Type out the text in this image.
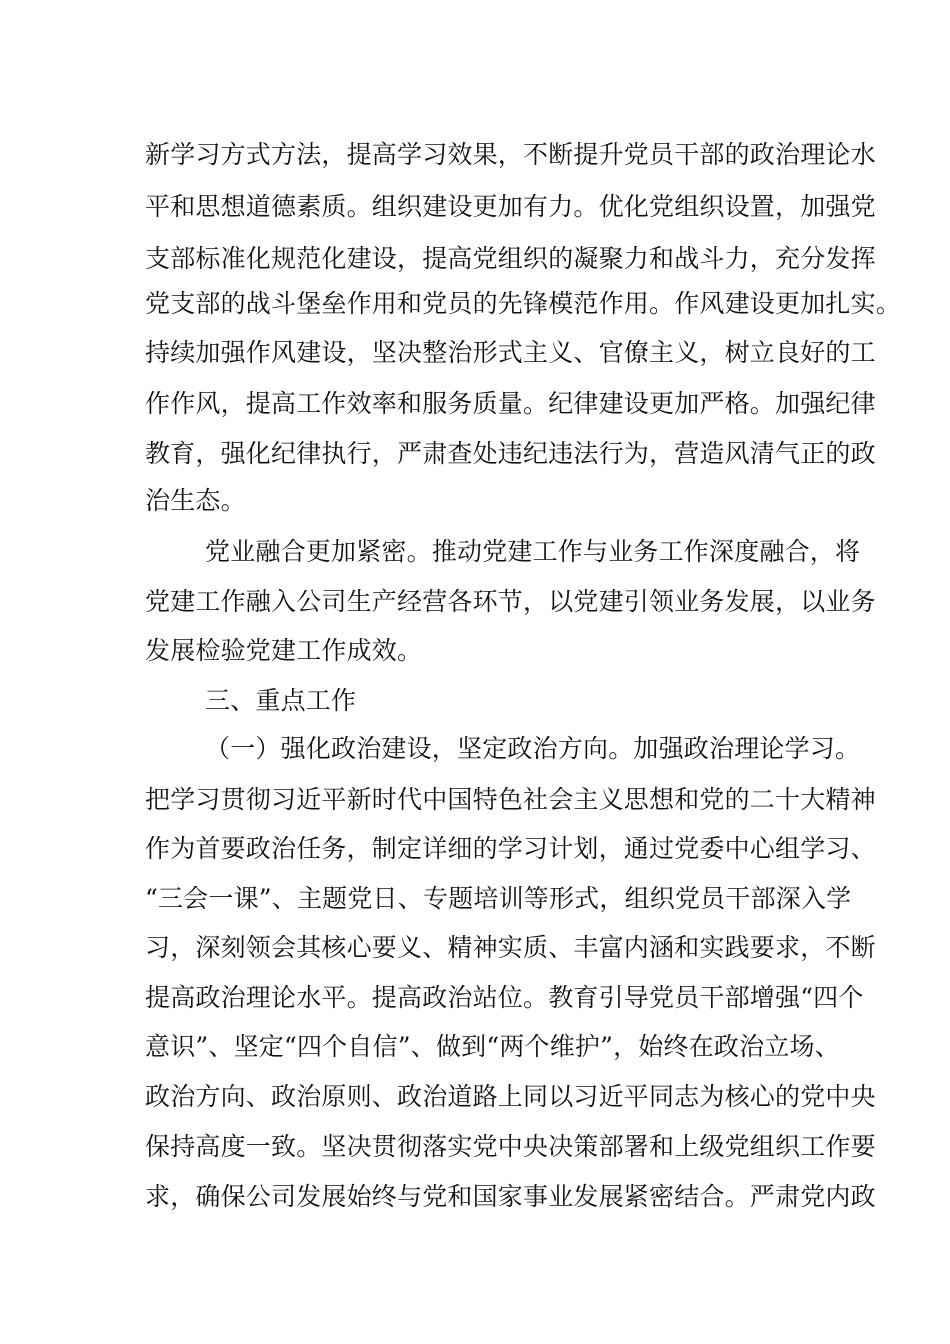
新学习方式方法，提高学习效果，不断提升党员干部的政治理论水
平和思想道德素质。组织建设更加有力。优化党组织设置，加强党
支部标准化规范化建设，提高党组织的凝聚力和战斗力，充分发挥
党支部的战斗堡垒作用和党员的先锋模范作用。作风建设更加扎实。
持续加强作风建设，坚决整治形式主义、官僚主义，树立良好的工
作作风，提高工作效率和服务质量。纪律建设更加严格。加强纪律
教育，强化纪律执行，严肃查处违纪违法行为，营造风清气正的政
治生态。
党业融合更加紧密。推动党建工作与业务工作深度融合，将
党建工作融入公司生产经营各环节，以党建引领业务发展，以业务
发展检验党建工作成效。
三、重点工作
（一）强化政治建设，坚定政治方向。加强政治理论学习。
把学习贯彻习近平新时代中国特色社会主义思想和党的二十大精神
作为首要政治任务，制定详细的学习计划，通过党委中心组学习、
“三会一课”、主题党日、专题培训等形式，组织党员干部深入学
习，深刻领会其核心要义、精神实质、丰富内涵和实践要求，不断
提高政治理论水平。提高政治站位。教育引导党员干部增强“四个
意识”、坚定“四个自信”、做到“两个维护”，始终在政治立场、
政治方向、政治原则、政治道路上同以习近平同志为核心的党中央
保持高度一致。坚决贯彻落实党中央决策部署和上级党组织工作要
求，确保公司发展始终与党和国家事业发展紧密结合。严肃党内政
